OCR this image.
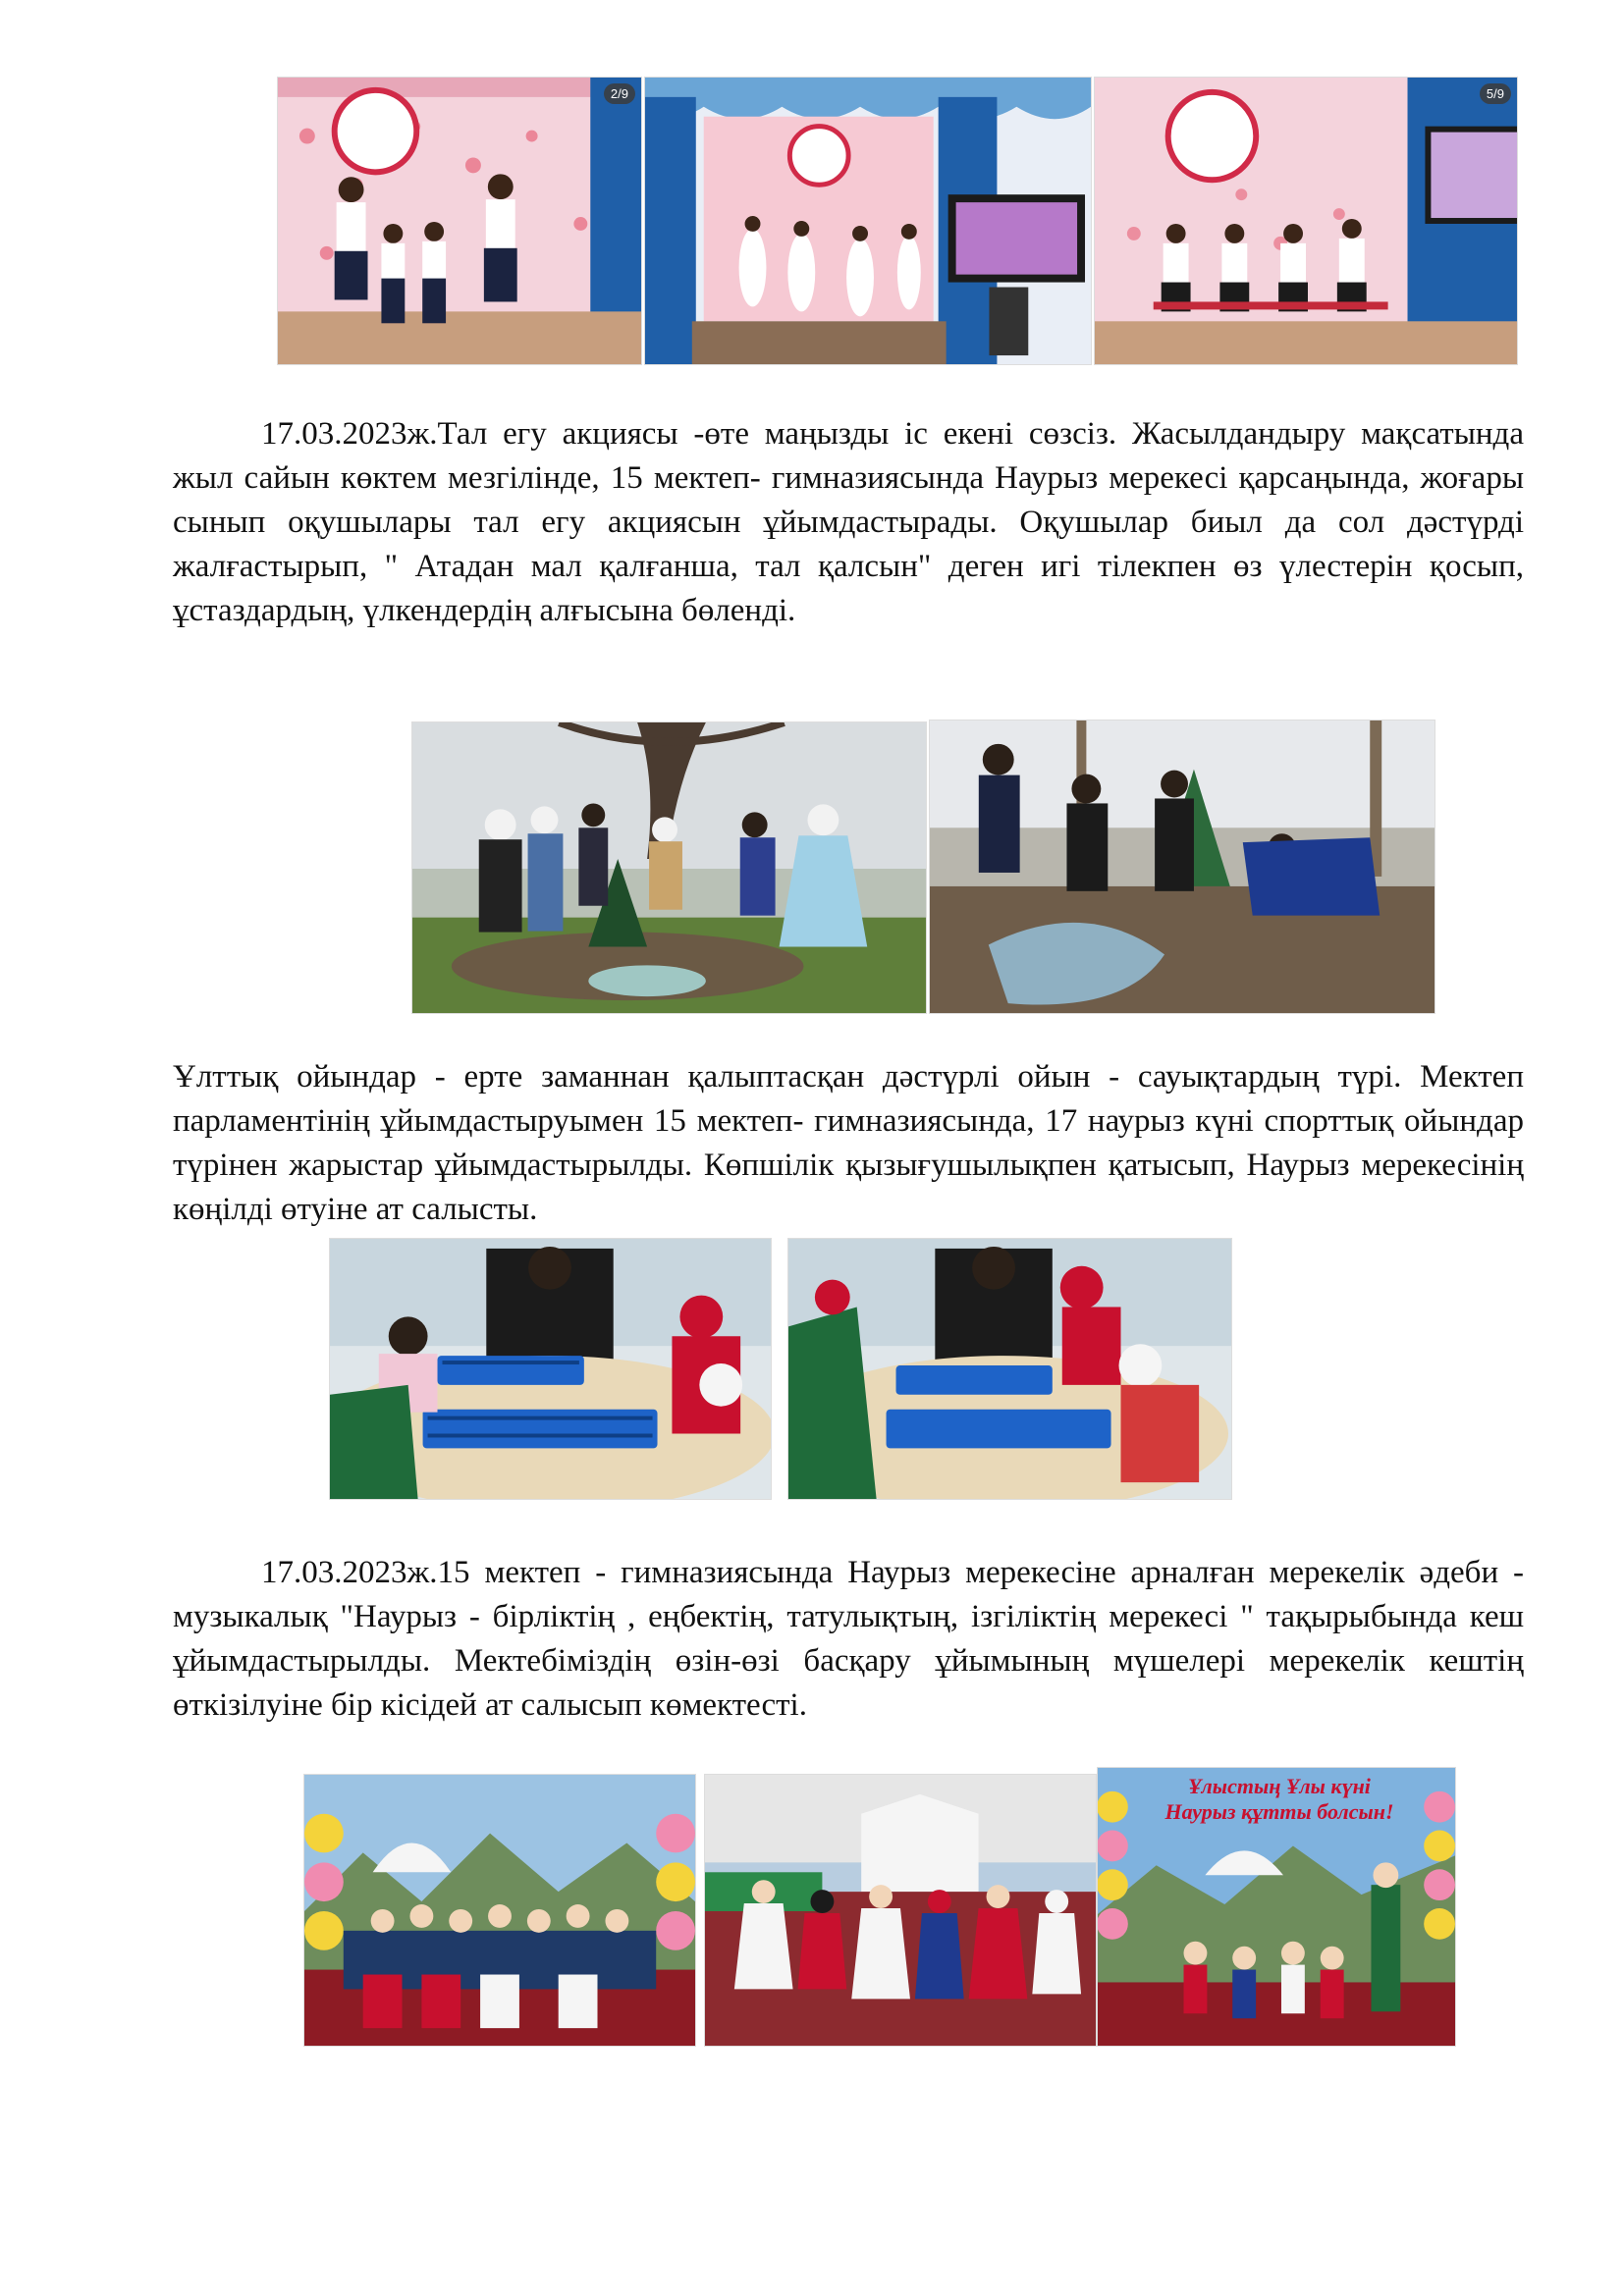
2/9	5/9

17.03.2023ж.Тал егу акциясы -өте маңызды іс екені сөзсіз. Жасылдандыру мақсатында жыл сайын көктем мезгілінде, 15 мектеп- гимназиясында Наурыз мерекесі қарсаңында, жоғары сынып оқушылары тал егу акциясын ұйымдастырады. Оқушылар биыл да сол дәстүрді жалғастырып, " Атадан мал қалғанша, тал қалсын" деген игі тілекпен өз үлестерін қосып, ұстаздардың, үлкендердің алғысына бөленді.

Ұлттық ойындар - ерте заманнан қалыптасқан дәстүрлі ойын - сауықтардың түрі. Мектеп парламентінің ұйымдастыруымен 15 мектеп- гимназиясында, 17 наурыз күні спорттық ойындар түрінен жарыстар ұйымдастырылды. Көпшілік қызығушылықпен қатысып, Наурыз мерекесінің көңілді өтуіне ат салысты.

17.03.2023ж.15 мектеп - гимназиясында Наурыз мерекесіне арналған мерекелік әдеби - музыкалық "Наурыз - бірліктің , еңбектің, татулықтың, ізгіліктің мерекесі " тақырыбында кеш ұйымдастырылды. Мектебіміздің өзін-өзі басқару ұйымының мүшелері мерекелік кештің өткізілуіне бір кісідей ат салысып көмектесті.

Ұлыстың Ұлы күні
Наурыз құтты болсын!
